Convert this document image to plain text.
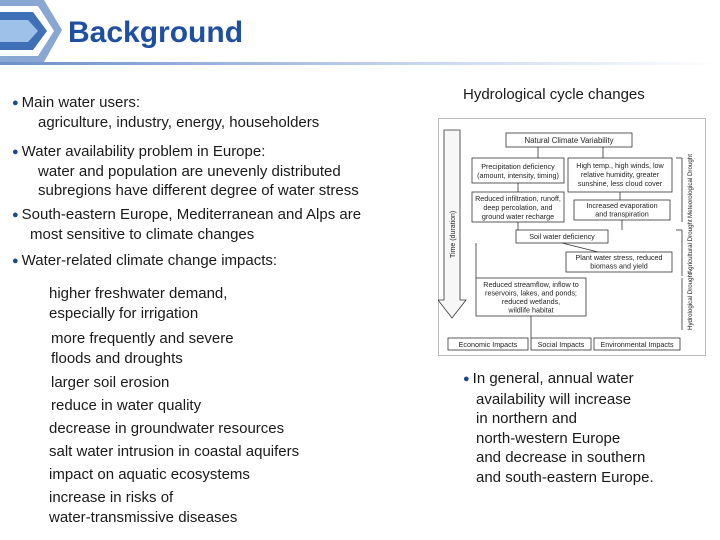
Background
● Main water users:
agriculture, industry, energy, householders
● Water availability problem in Europe:
water and population are unevenly distributed
subregions have different degree of water stress
● South-eastern Europe, Mediterranean and Alps are
most sensitive to climate changes
● Water-related climate change impacts:
higher freshwater demand,
especially for irrigation
more frequently and severe
floods and droughts
larger soil erosion
reduce in water quality
decrease in groundwater resources
salt water intrusion in coastal aquifers
impact on aquatic ecosystems
increase in risks of
water-transmissive diseases
Hydrological cycle changes
Natural Climate Variability
Precipitation deficiency (amount, intensity, timing)
High temp., high winds, low relative humidity, greater sunshine, less cloud cover
Reduced infiltration, runoff, deep percolation, and ground water recharge
Increased evaporation and transpiration
Soil water deficiency
Plant water stress, reduced biomass and yield
Reduced streamflow, inflow to reservoirs, lakes, and ponds; reduced wetlands, wildlife habitat
Economic Impacts	Social Impacts Environmental Impacts
Time (duration)
Meteorological Drought
Agricultural Drought
Hydrological Drought
● In general, annual water
availability will increase
in northern and
north-western Europe
and decrease in southern
and south-eastern Europe.
